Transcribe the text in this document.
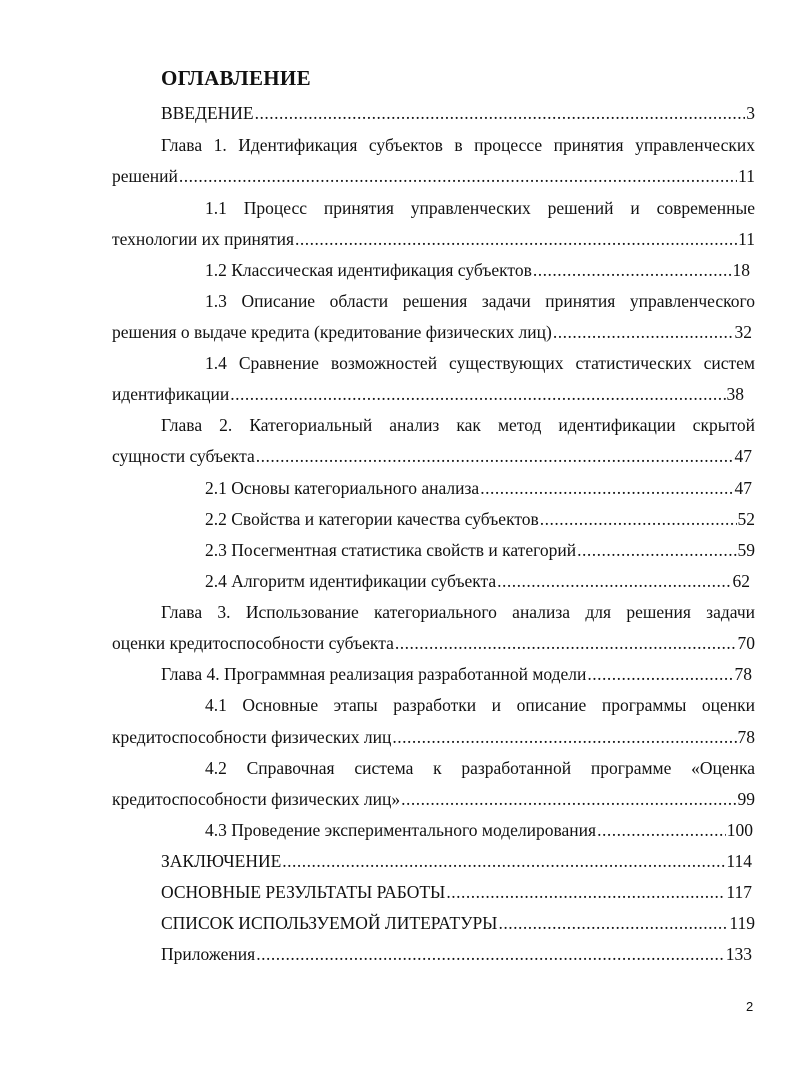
ОГЛАВЛЕНИЕ
ВВЕДЕНИЕ .....	3
Глава 1. Идентификация субъектов в процессе принятия управленческих
решений .....	11
1.1 Процесс принятия управленческих решений и современные
технологии их принятия .....	11
1.2 Классическая идентификация субъектов .....	18
1.3 Описание области решения задачи принятия управленческого
решения о выдаче кредита (кредитование физических лиц) .....	32
1.4 Сравнение возможностей существующих статистических систем
идентификации .....	38
Глава 2. Категориальный анализ как метод идентификации скрытой
сущности субъекта .....	47
2.1 Основы категориального анализа .....	47
2.2 Свойства и категории качества субъектов .....	52
2.3 Посегментная статистика свойств и категорий .....	59
2.4 Алгоритм идентификации субъекта .....	62
Глава 3. Использование категориального анализа для решения задачи
оценки кредитоспособности субъекта .....	70
Глава 4. Программная реализация разработанной модели .....	78
4.1 Основные этапы разработки и описание программы оценки
кредитоспособности физических лиц .....	78
4.2 Справочная система к разработанной программе «Оценка
кредитоспособности физических лиц» .....	99
4.3 Проведение экспериментального моделирования .....	100
ЗАКЛЮЧЕНИЕ .....	114
ОСНОВНЫЕ РЕЗУЛЬТАТЫ РАБОТЫ .....	117
СПИСОК ИСПОЛЬЗУЕМОЙ ЛИТЕРАТУРЫ .....	119
Приложения .....	133
2
